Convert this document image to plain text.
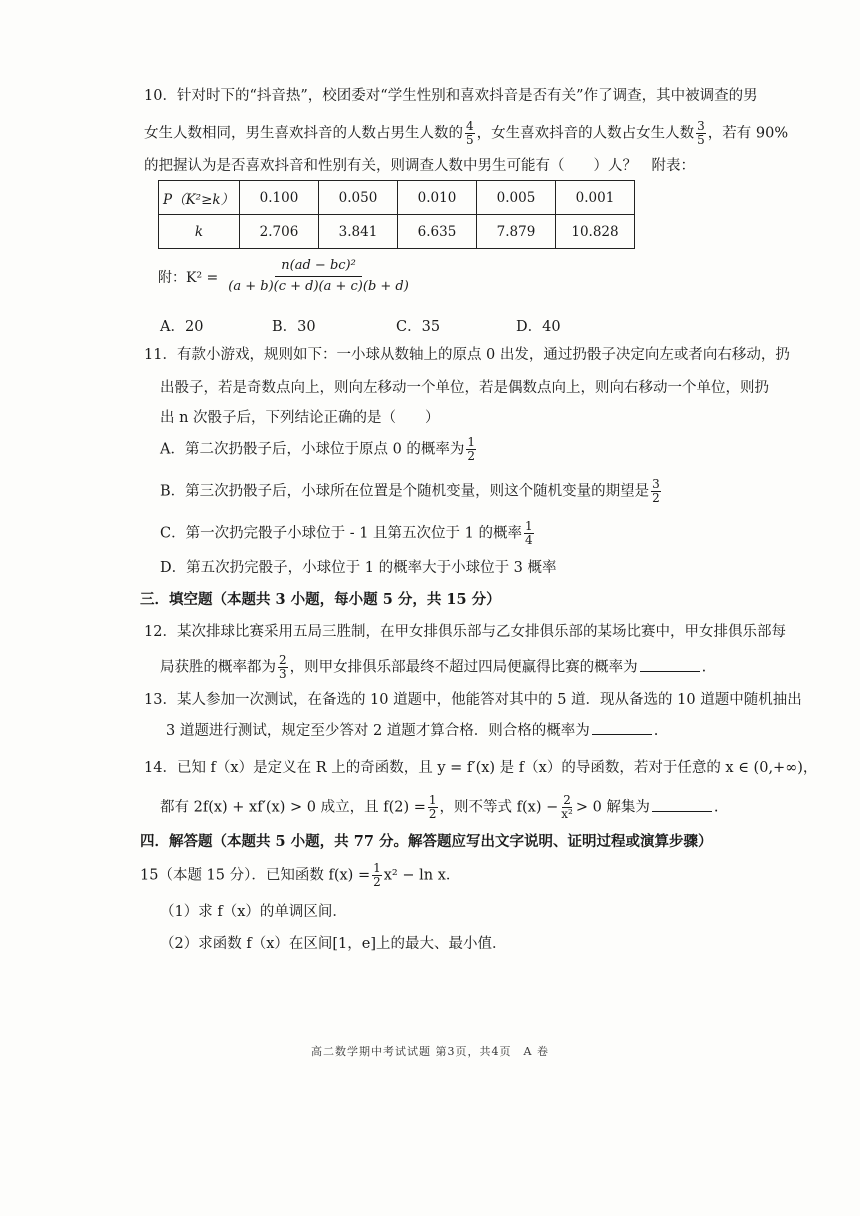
10．针对时下的“抖音热”，校团委对“学生性别和喜欢抖音是否有关”作了调查，其中被调查的男
女生人数相同，男生喜欢抖音的人数占男生人数的 $\frac{4}{5}$ ，女生喜欢抖音的人数占女生人数 $\frac{3}{5}$ ，若有 90%
的把握认为是否喜欢抖音和性别有关，则调查人数中男生可能有（　　）人？　附表：
P（K²≥k）	0.100	0.050	0.010	0.005	0.001
k	2.706	3.841	6.635	7.879	10.828
附：$K^2 = \frac{\text{n(ad − bc)²}}{(a + b)(c + d)(a + c)(b + d)}$
A．20	B．30	C．35	D．40
11．有款小游戏，规则如下：一小球从数轴上的原点 0 出发，通过扔骰子决定向左或者向右移动，扔
出骰子，若是奇数点向上，则向左移动一个单位，若是偶数点向上，则向右移动一个单位，则扔
出 n 次骰子后，下列结论正确的是（　　）
A．第二次扔骰子后，小球位于原点 0 的概率为 $\frac{1}{2}$
B．第三次扔骰子后，小球所在位置是个随机变量，则这个随机变量的期望是 $\frac{3}{2}$
C．第一次扔完骰子小球位于 - 1 且第五次位于 1 的概率 $\frac{1}{4}$
D．第五次扔完骰子，小球位于 1 的概率大于小球位于 3 概率
三．填空题（本题共 3 小题，每小题 5 分，共 15 分）
12．某次排球比赛采用五局三胜制，在甲女排俱乐部与乙女排俱乐部的某场比赛中，甲女排俱乐部每
局获胜的概率都为 $\frac{2}{3}$ ，则甲女排俱乐部最终不超过四局便赢得比赛的概率为	.
13．某人参加一次测试，在备选的 10 道题中，他能答对其中的 5 道．现从备选的 10 道题中随机抽出
3 道题进行测试，规定至少答对 2 道题才算合格．则合格的概率为	.
14．已知 f（x）是定义在 R 上的奇函数，且 y = f′(x) 是 f（x）的导函数，若对于任意的 x ∈ (0,+∞)，
都有 2f(x) + xf′(x) > 0 成立，且 $f(2) = \frac{1}{2}$ ，则不等式 $f(x) - \frac{2}{\text{x²}} > 0$ 解集为	.
四．解答题（本题共 5 小题，共 77 分。解答题应写出文字说明、证明过程或演算步骤）
15（本题 15 分）．已知函数 $f(x) = \frac{1}{2} x^2 - \ln x$．
（1）求 f（x）的单调区间．
（2）求函数 f（x）在区间[1，e]上的最大、最小值．
高二数学期中考试试题 第3页，共4页　A 卷
